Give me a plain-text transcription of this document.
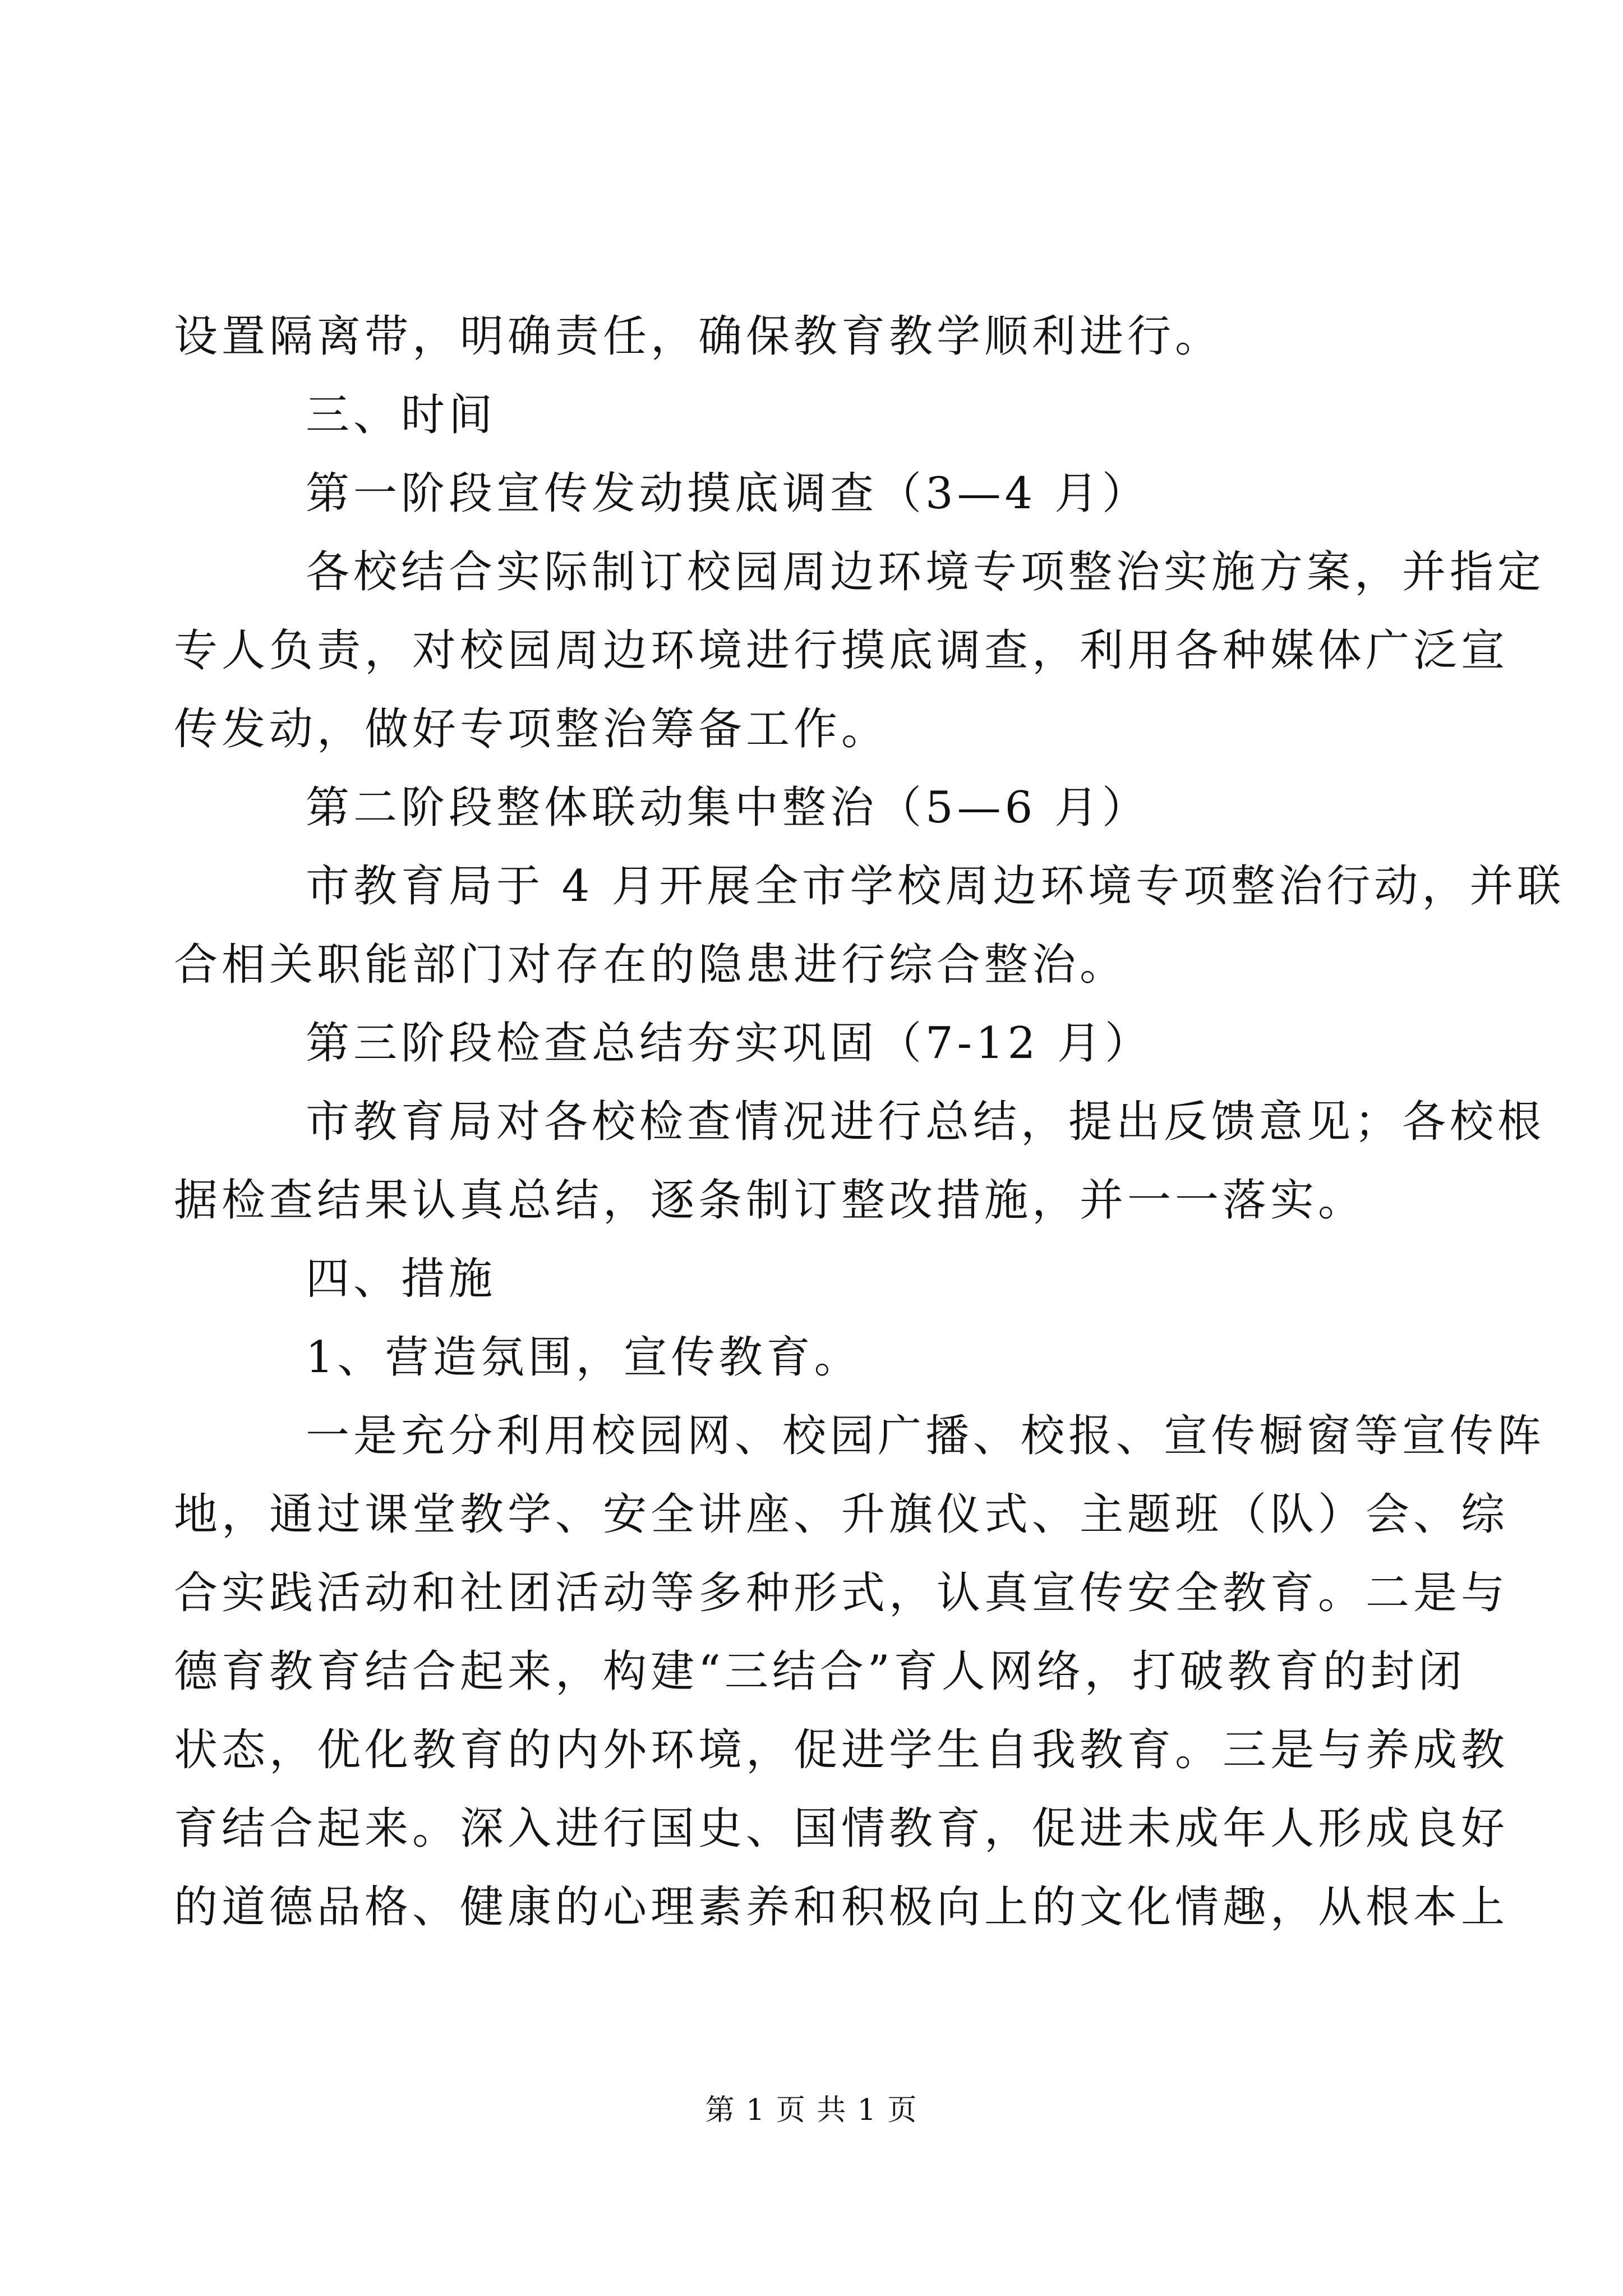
设置隔离带，明确责任，确保教育教学顺利进行。
三、时间
第一阶段宣传发动摸底调查（3—4 月）
各校结合实际制订校园周边环境专项整治实施方案，并指定
专人负责，对校园周边环境进行摸底调查，利用各种媒体广泛宣
传发动，做好专项整治筹备工作。
第二阶段整体联动集中整治（5—6 月）
市教育局于 4 月开展全市学校周边环境专项整治行动，并联
合相关职能部门对存在的隐患进行综合整治。
第三阶段检查总结夯实巩固（7-12 月）
市教育局对各校检查情况进行总结，提出反馈意见；各校根
据检查结果认真总结，逐条制订整改措施，并一一落实。
四、措施
1、营造氛围，宣传教育。
一是充分利用校园网、校园广播、校报、宣传橱窗等宣传阵
地，通过课堂教学、安全讲座、升旗仪式、主题班（队）会、综
合实践活动和社团活动等多种形式，认真宣传安全教育。二是与
德育教育结合起来，构建“三结合”育人网络，打破教育的封闭
状态，优化教育的内外环境，促进学生自我教育。三是与养成教
育结合起来。深入进行国史、国情教育，促进未成年人形成良好
的道德品格、健康的心理素养和积极向上的文化情趣，从根本上
第 1 页 共 1 页
